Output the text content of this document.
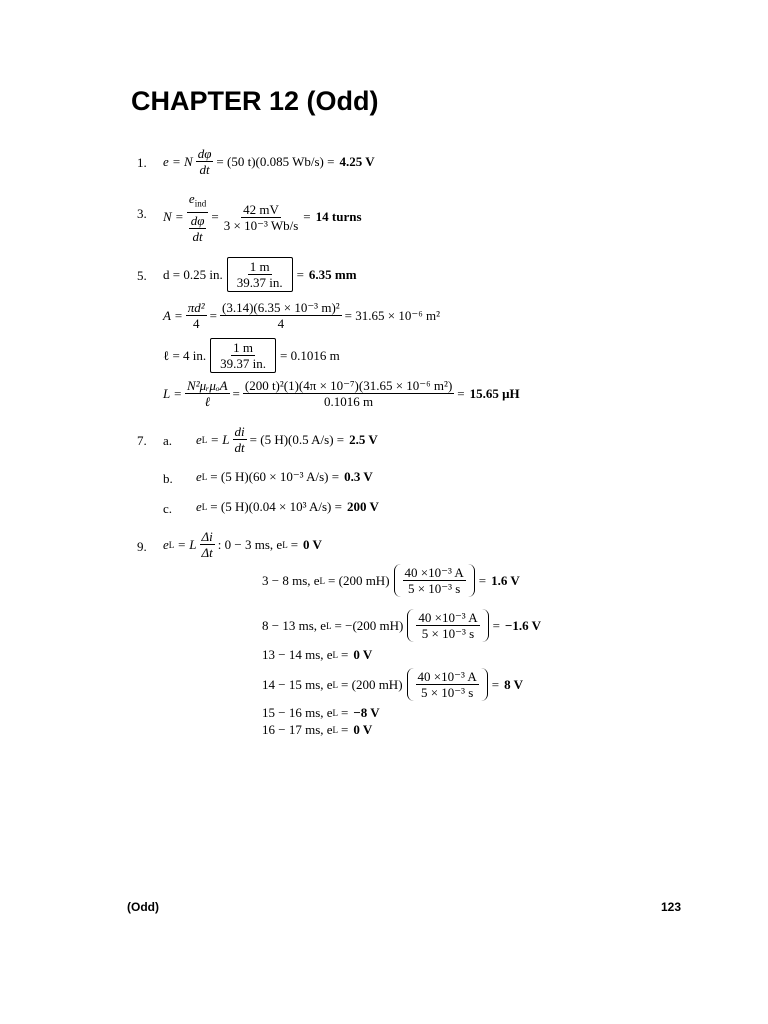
CHAPTER 12 (Odd)
1. e = N $\frac{d\varphi}{dt} = (50$ t)(0.085 Wb/s) = 4.25 V
3. N =
$e_{ind}$
$\frac{d\varphi}{dt} = \frac{42 mV}{\text{3 × 10⁻³ Wb/s}} = 14$ turns
5. d = 0.25 in. 1 m
39.37 in.
= 6.35 mm
$A = \frac{\text{πd²}}{4} = \frac{\text{(3.14)(6.35 × 10⁻³ m)²}}{4} = 31.65 \times 10^{-6}$ m²
ℓ = 4 in. 1 m
39.37 in.
= 0.1016 m
L = N²μᵣμₒA
ℓ
= $\frac{\text{(200 t)²(1)(4π × 10⁻⁷)(31.65 × 10⁻⁶ m²)}}{0.1016 m} = 15.65$ μH
7. a. e L = L $\frac{di}{dt} = (5$ H)(0.5 A/s) = 2.5 V
b. e L = (5 H)(60 × 10⁻³ A/s) = 0.3 V
c. e L = (5 H)(0.04 × 10³ A/s) = 200 V
9. e L = L Δi
Δt
: 0 − 3 ms, e L = 0 V
3 − 8 ms, e L = (200 mH) 40 ×10⁻³ A
5 × 10⁻³ s
= 1.6 V
8 − 13 ms, e L = −(200 mH) 40 ×10⁻³ A
5 × 10⁻³ s
= −1.6 V
13 − 14 ms, e L = 0 V
14 − 15 ms, e L = (200 mH) 40 ×10⁻³ A
5 × 10⁻³ s
= 8 V
15 − 16 ms, e L = −8 V
16 − 17 ms, e L = 0 V
(Odd)	123
